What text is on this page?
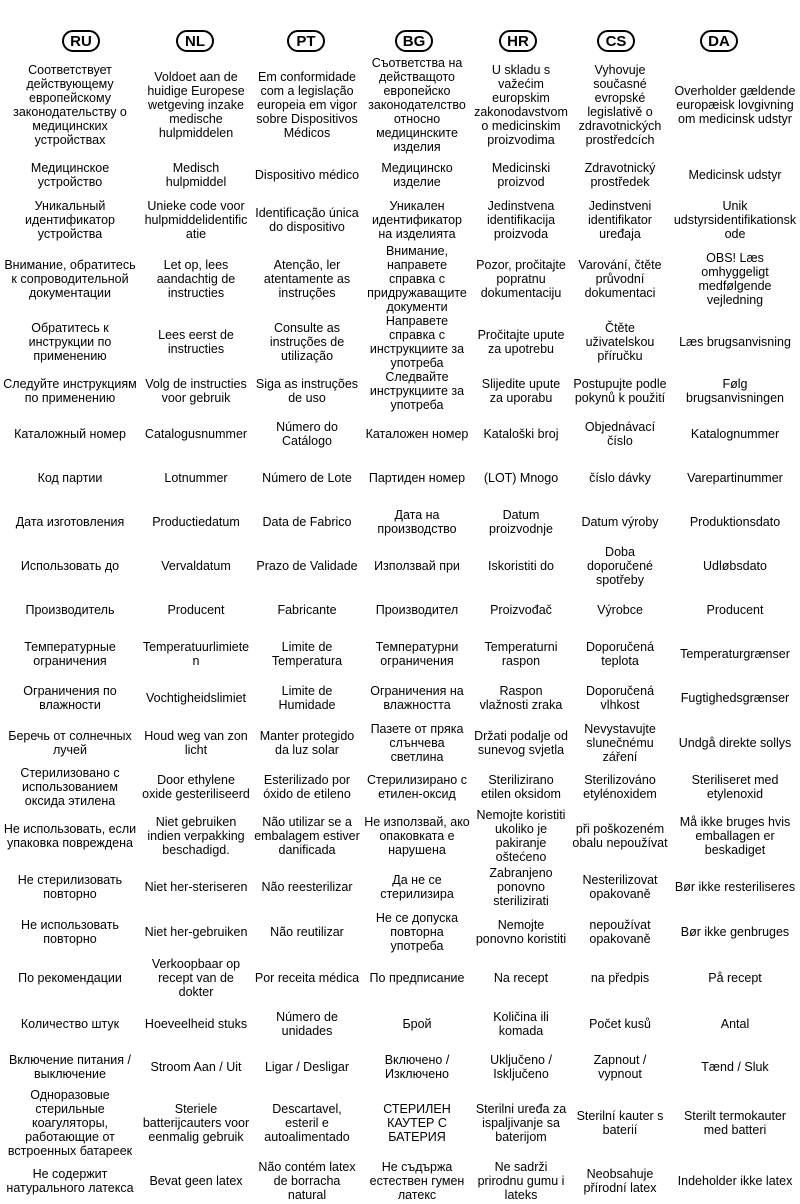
RU	NL	PT	BG	HR	CS	DA
Соответствует действующему европейскому законодательству о медицинских устройствах	Voldoet aan de huidige Europese wetgeving inzake medische hulpmiddelen	Em conformidade com a legislação europeia em vigor sobre Dispositivos Médicos	Съответства на действащото европейско законодателство относно медицинските изделия	U skladu s važećim europskim zakonodavstvom o medicinskim proizvodima	Vyhovuje současné evropské legislativě o zdravotnických prostředcích	Overholder gældende europæisk lovgivning om medicinsk udstyr
Медицинское устройство	Medisch hulpmiddel	Dispositivo médico	Медицинско изделие	Medicinski proizvod	Zdravotnický prostředek	Medicinsk udstyr
Уникальный идентификатор устройства	Unieke code voor hulpmiddelidentificatie	Identificação única do dispositivo	Уникален идентификатор на изделията	Jedinstvena identifikacija proizvoda	Jedinstveni identifikator uređaja	Unik udstyrsidentifikationskode
Внимание, обратитесь к сопроводительной документации	Let op, lees aandachtig de instructies	Atenção, ler atentamente as instruções	Внимание, направете справка с придружаващите документи	Pozor, pročitajte popratnu dokumentaciju	Varování, čtěte průvodní dokumentaci	OBS! Læs omhyggeligt medfølgende vejledning
Обратитесь к инструкции по применению	Lees eerst de instructies	Consulte as instruções de utilização	Направете справка с инструкциите за употреба	Pročitajte upute za upotrebu	Čtěte uživatelskou příručku	Læs brugsanvisning
Следуйте инструкциям по применению	Volg de instructies voor gebruik	Siga as instruções de uso	Следвайте инструкциите за употреба	Slijedite upute za uporabu	Postupujte podle pokynů k použití	Følg brugsanvisningen
Каталожный номер	Catalogusnummer	Número do Catálogo	Каталожен номер	Kataloški broj	Objednávací číslo	Katalognummer
Код партии	Lotnummer	Número de Lote	Партиден номер	(LOT) Mnogo	číslo dávky	Varepartinummer
Дата изготовления	Productiedatum	Data de Fabrico	Дата на производство	Datum proizvodnje	Datum výroby	Produktionsdato
Использовать до	Vervaldatum	Prazo de Validade	Използвай при	Iskoristiti do	Doba doporučené spotřeby	Udløbsdato
Производитель	Producent	Fabricante	Производител	Proizvođač	Výrobce	Producent
Температурные ограничения	Temperatuurlimieten	Limite de Temperatura	Температурни ограничения	Temperaturni raspon	Doporučená teplota	Temperaturgrænser
Ограничения по влажности	Vochtigheidslimiet	Limite de Humidade	Ограничения на влажността	Raspon vlažnosti zraka	Doporučená vlhkost	Fugtighedsgrænser
Беречь от солнечных лучей	Houd weg van zon licht	Manter protegido da luz solar	Пазете от пряка слънчева светлина	Držati podalje od sunevog svjetla	Nevystavujte slunečnému záření	Undgå direkte sollys
Стерилизовано с использованием оксида этилена	Door ethylene oxide gesteriliseerd	Esterilizado por óxido de etileno	Стерилизирано с етилен-оксид	Sterilizirano etilen oksidom	Sterilizováno etylénoxidem	Steriliseret med etylenoxid
Не использовать, если упаковка повреждена	Niet gebruiken indien verpakking beschadigd.	Não utilizar se a embalagem estiver danificada	Не използвай, ако опаковката е нарушена	Nemojte koristiti ukoliko je pakiranje oštećeno	při poškozeném obalu nepoužívat	Må ikke bruges hvis emballagen er beskadiget
Не стерилизовать повторно	Niet her-steriseren	Não reesterilizar	Да не се стерилизира	Zabranjeno ponovno sterilizirati	Nesterilizovat opakovaně	Bør ikke resteriliseres
Не использовать повторно	Niet her-gebruiken	Não reutilizar	Не се допуска повторна употреба	Nemojte ponovno koristiti	nepoužívat opakovaně	Bør ikke genbruges
По рекомендации	Verkoopbaar op recept van de dokter	Por receita médica	По предписание	Na recept	na předpis	På recept
Количество штук	Hoeveelheid stuks	Número de unidades	Брой	Količina ili komada	Počet kusů	Antal
Включение питания / выключение	Stroom Aan / Uit	Ligar / Desligar	Включено / Изключено	Uključeno / Isključeno	Zapnout / vypnout	Tænd / Sluk
Одноразовые стерильные коагуляторы, работающие от встроенных батареек	Steriele batterijcauters voor eenmalig gebruik	Descartavel, esteril e autoalimentado	СТЕРИЛЕН КАУТЕР С БАТЕРИЯ	Sterilni uređa za ispaljivanje sa baterijom	Sterilní kauter s baterií	Sterilt termokauter med batteri
Не содержит натурального латекса	Bevat geen latex	Não contém latex de borracha natural	Не съдържа естествен гумен латекс	Ne sadrži prirodnu gumu i lateks	Neobsahuje přírodní latex	Indeholder ikke latex
